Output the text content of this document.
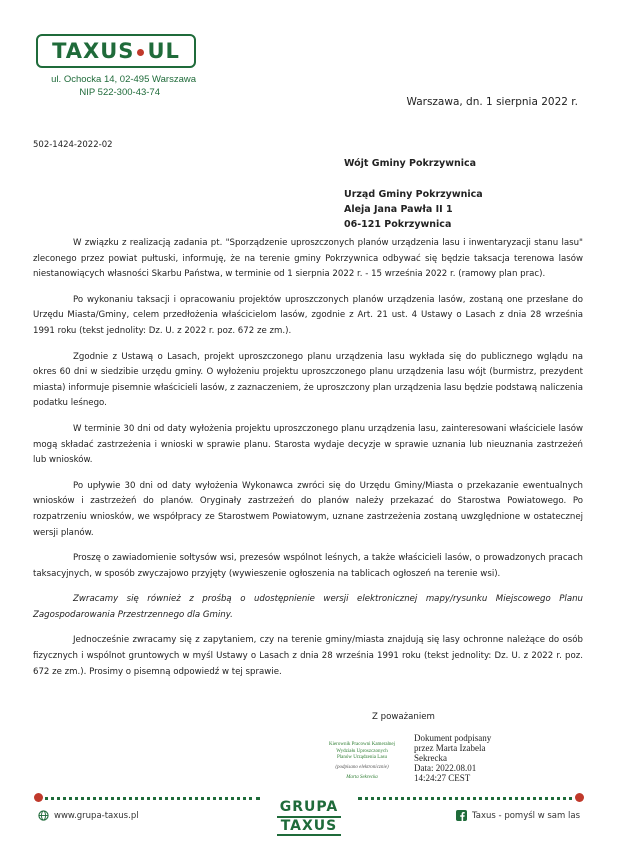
TAXUS UL
ul. Ochocka 14, 02-495 Warszawa
NIP 522-300-43-74
Warszawa, dn. 1 sierpnia 2022 r.
502-1424-2022-02
Wójt Gminy Pokrzywnica
Urząd Gminy Pokrzywnica
Aleja Jana Pawła II 1
06-121 Pokrzywnica

W związku z realizacją zadania pt. "Sporządzenie uproszczonych planów urządzenia lasu i inwentaryzacji stanu lasu" zleconego przez powiat pułtuski, informuję, że na terenie gminy Pokrzywnica odbywać się będzie taksacja terenowa lasów niestanowiących własności Skarbu Państwa, w terminie od 1 sierpnia 2022 r. - 15 września 2022 r. (ramowy plan prac).

Po wykonaniu taksacji i opracowaniu projektów uproszczonych planów urządzenia lasów, zostaną one przesłane do Urzędu Miasta/Gminy, celem przedłożenia właścicielom lasów, zgodnie z Art. 21 ust. 4 Ustawy o Lasach z dnia 28 września 1991 roku (tekst jednolity: Dz. U. z 2022 r. poz. 672 ze zm.).

Zgodnie z Ustawą o Lasach, projekt uproszczonego planu urządzenia lasu wykłada się do publicznego wglądu na okres 60 dni w siedzibie urzędu gminy. O wyłożeniu projektu uproszczonego planu urządzenia lasu wójt (burmistrz, prezydent miasta) informuje pisemnie właścicieli lasów, z zaznaczeniem, że uproszczony plan urządzenia lasu będzie podstawą naliczenia podatku leśnego.

W terminie 30 dni od daty wyłożenia projektu uproszczonego planu urządzenia lasu, zainteresowani właściciele lasów mogą składać zastrzeżenia i wnioski w sprawie planu. Starosta wydaje decyzje w sprawie uznania lub nieuznania zastrzeżeń lub wniosków.

Po upływie 30 dni od daty wyłożenia Wykonawca zwróci się do Urzędu Gminy/Miasta o przekazanie ewentualnych wniosków i zastrzeżeń do planów. Oryginały zastrzeżeń do planów należy przekazać do Starostwa Powiatowego. Po rozpatrzeniu wniosków, we współpracy ze Starostwem Powiatowym, uznane zastrzeżenia zostaną uwzględnione w ostatecznej wersji planów.

Proszę o zawiadomienie sołtysów wsi, prezesów wspólnot leśnych, a także właścicieli lasów, o prowadzonych pracach taksacyjnych, w sposób zwyczajowo przyjęty (wywieszenie ogłoszenia na tablicach ogłoszeń na terenie wsi).

Zwracamy się również z prośbą o udostępnienie wersji elektronicznej mapy/rysunku Miejscowego Planu Zagospodarowania Przestrzennego dla Gminy.

Jednocześnie zwracamy się z zapytaniem, czy na terenie gminy/miasta znajdują się lasy ochronne należące do osób fizycznych i wspólnot gruntowych w myśl Ustawy o Lasach z dnia 28 września 1991 roku (tekst jednolity: Dz. U. z 2022 r. poz. 672 ze zm.). Prosimy o pisemną odpowiedź w tej sprawie.

Z poważaniem
Kierownik Pracowni Kameralnej
Wydziału Uproszczonych
Planów Urządzenia Lasu
(podpisano elektronicznie)
Marta Sekrecka
Dokument podpisany
przez Marta Izabela
Sekrecka
Data: 2022.08.01
14:24:27 CEST
GRUPA
TAXUS
www.grupa-taxus.pl	Taxus - pomyśl w sam las
